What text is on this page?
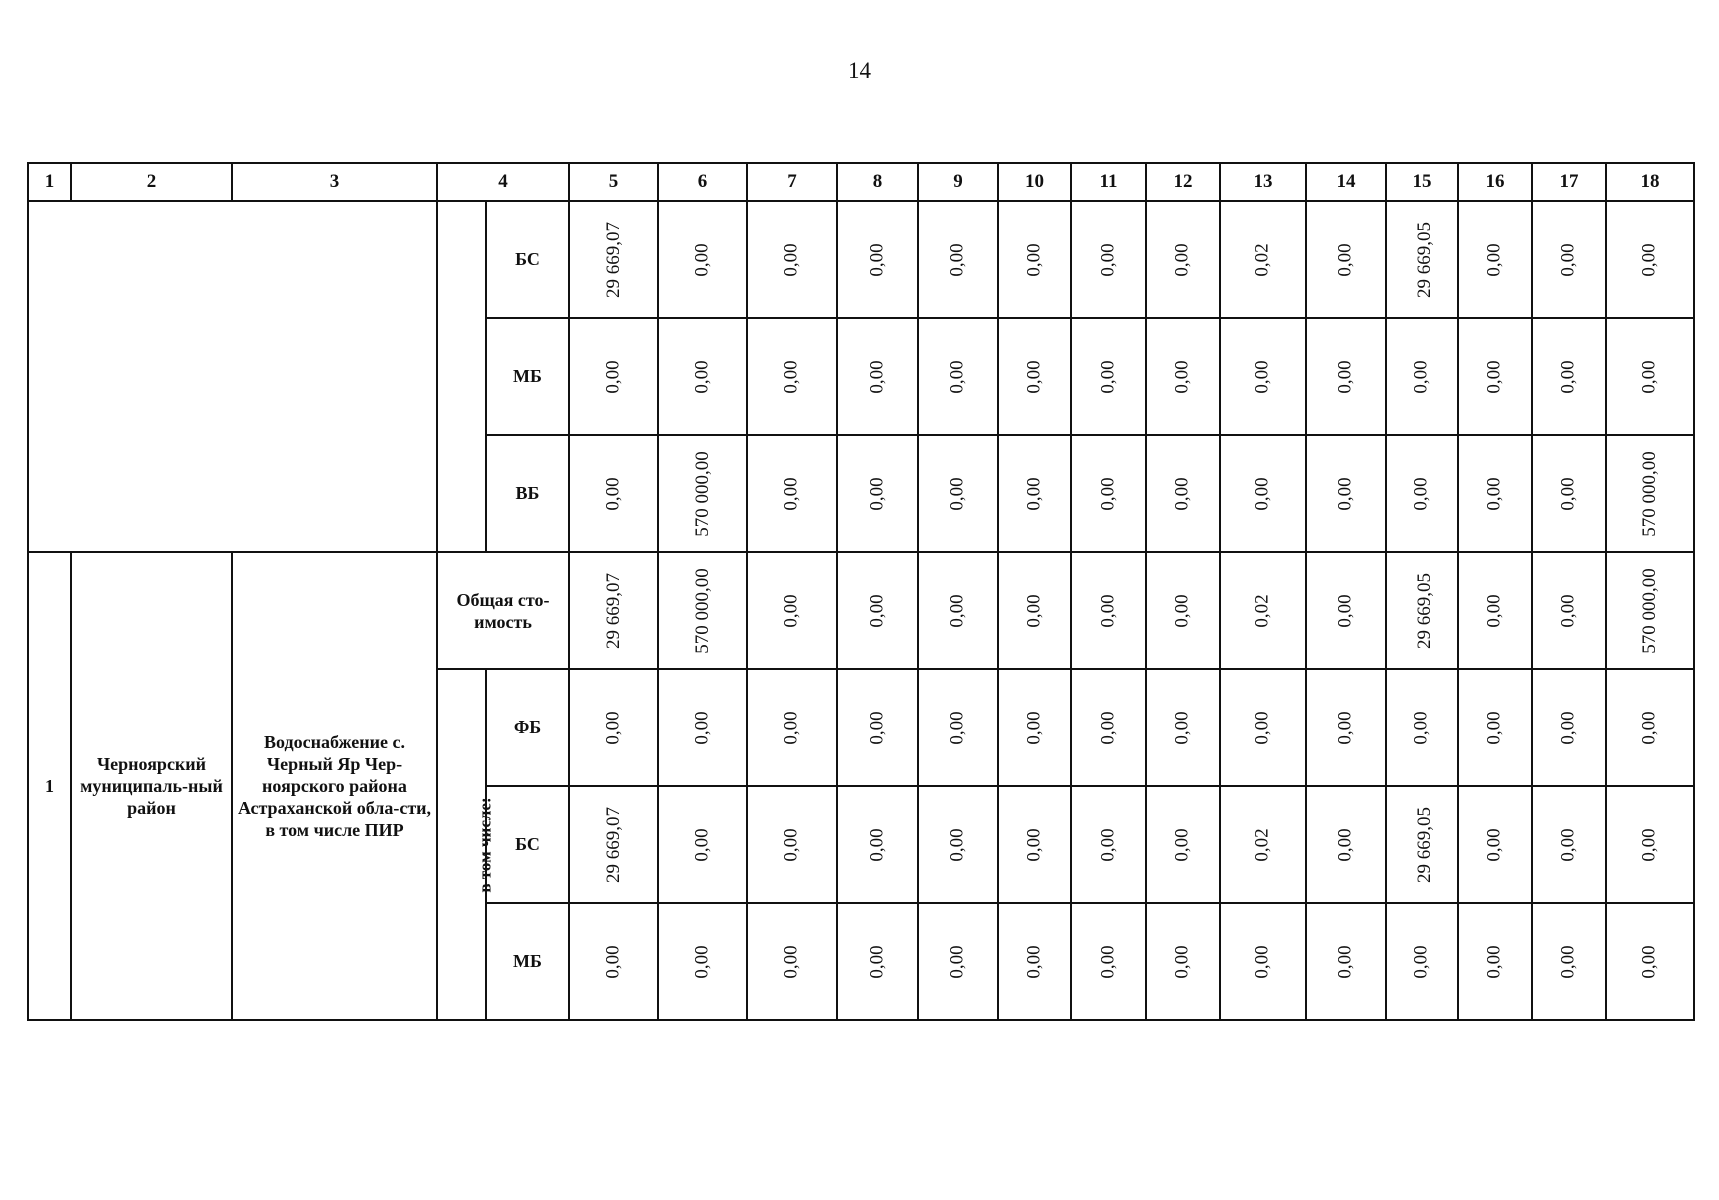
14
1	2	3	4		5	6	7	8	9	10	11	12	13	14	15	16	17	18
				БС	29 669,07	0,00	0,00	0,00	0,00	0,00	0,00	0,00	0,02	0,00	29 669,05	0,00	0,00	0,00
				МБ	0,00	0,00	0,00	0,00	0,00	0,00	0,00	0,00	0,00	0,00	0,00	0,00	0,00	0,00
				ВБ	0,00	570 000,00	0,00	0,00	0,00	0,00	0,00	0,00	0,00	0,00	0,00	0,00	0,00	570 000,00
1	Черноярский муниципаль-ный район	Водоснабжение с. Черный Яр Чер-ноярского района Астраханской обла-сти, в том числе ПИР	Общая сто-имость		29 669,07	570 000,00	0,00	0,00	0,00	0,00	0,00	0,00	0,02	0,00	29 669,05	0,00	0,00	570 000,00
			в том числе:	ФБ	0,00	0,00	0,00	0,00	0,00	0,00	0,00	0,00	0,00	0,00	0,00	0,00	0,00	0,00
				БС	29 669,07	0,00	0,00	0,00	0,00	0,00	0,00	0,00	0,02	0,00	29 669,05	0,00	0,00	0,00
				МБ	0,00	0,00	0,00	0,00	0,00	0,00	0,00	0,00	0,00	0,00	0,00	0,00	0,00	0,00
